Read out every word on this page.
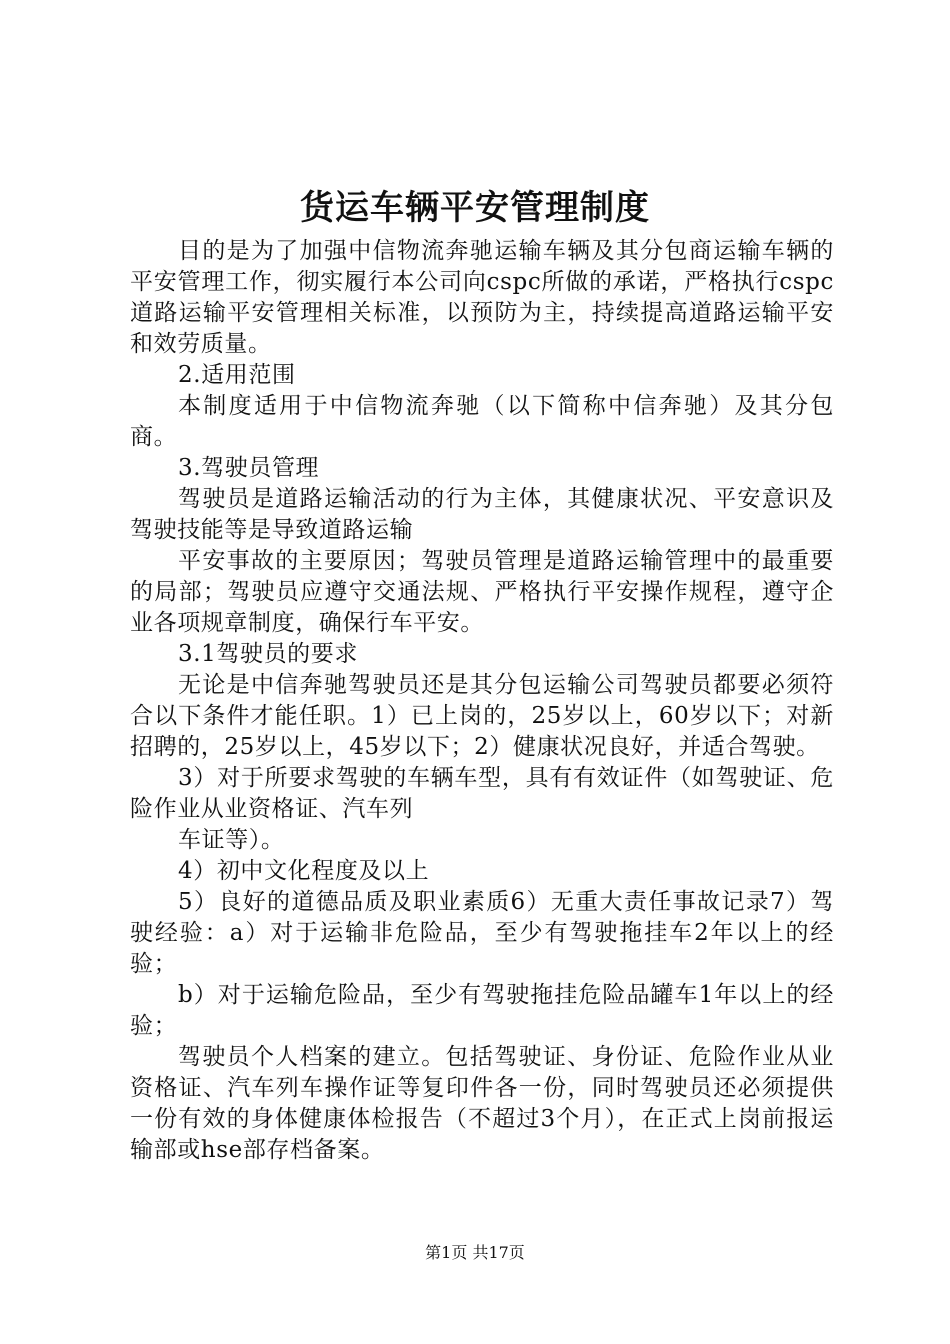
货运车辆平安管理制度

目的是为了加强中信物流奔驰运输车辆及其分包商运输车辆的平安管理工作，彻实履行本公司向cspc所做的承诺，严格执行cspc道路运输平安管理相关标准，以预防为主，持续提高道路运输平安和效劳质量。

2.适用范围

本制度适用于中信物流奔驰（以下简称中信奔驰）及其分包商。

3.驾驶员管理

驾驶员是道路运输活动的行为主体，其健康状况、平安意识及驾驶技能等是导致道路运输

平安事故的主要原因；驾驶员管理是道路运输管理中的最重要的局部；驾驶员应遵守交通法规、严格执行平安操作规程，遵守企业各项规章制度，确保行车平安。

3.1驾驶员的要求

无论是中信奔驰驾驶员还是其分包运输公司驾驶员都要必须符合以下条件才能任职。1）已上岗的，25岁以上，60岁以下；对新招聘的，25岁以上，45岁以下；2）健康状况良好，并适合驾驶。

3）对于所要求驾驶的车辆车型，具有有效证件（如驾驶证、危险作业从业资格证、汽车列

车证等）。

4）初中文化程度及以上

5）良好的道德品质及职业素质6）无重大责任事故记录7）驾驶经验：a）对于运输非危险品，至少有驾驶拖挂车2年以上的经验；

b）对于运输危险品，至少有驾驶拖挂危险品罐车1年以上的经验；

驾驶员个人档案的建立。包括驾驶证、身份证、危险作业从业资格证、汽车列车操作证等复印件各一份，同时驾驶员还必须提供一份有效的身体健康体检报告（不超过3个月），在正式上岗前报运输部或hse部存档备案。

第1页 共17页
